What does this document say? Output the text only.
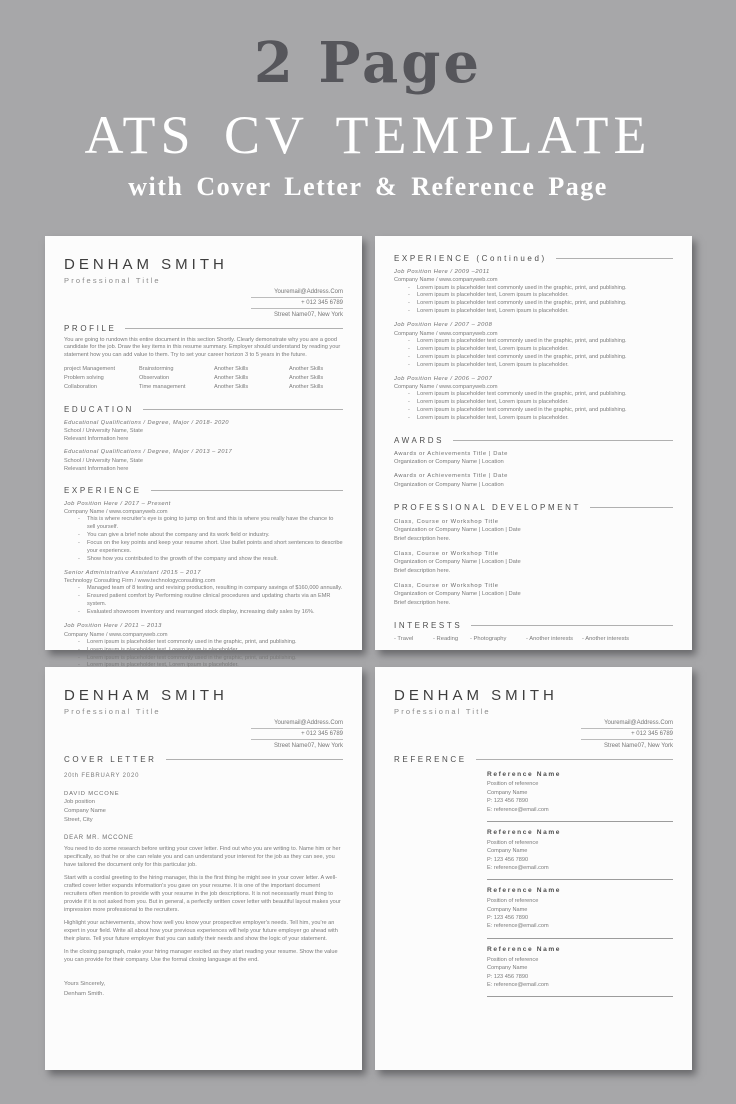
2 Page
ATS CV TEMPLATE
with Cover Letter & Reference Page
DENHAM SMITH
Professional Title
Youremail@Address.Com
+ 012 345 6789
Street Name07, New York
PROFILE

You are going to rundown this entire document in this section Shortly. Clearly demonstrate why you are a good candidate for the job. Draw the key items in this resume summary. Employer should understand by reading your statement how you can add value to them. Try to set your career horizon 3 to 5 years in the future.

project Management	Brainstorming	Another Skills	Another Skills
Problem solving	Observation	Another Skills	Another Skills
Collaboration	Time management	Another Skills	Another Skills
EDUCATION
Educational Qualifications / Degree, Major / 2018- 2020
School / University Name, State
Relevant Information here
Educational Qualifications / Degree, Major / 2013 – 2017
School / University Name, State
Relevant Information here
EXPERIENCE
Job Position Here / 2017 – Present
Company Name / www.companyweb.com
- This is where recruiter's eye is going to jump on first and this is where you really have the chance to sell yourself.
- You can give a brief note about the company and its work field or industry.
- Focus on the key points and keep your resume short. Use bullet points and short sentences to describe your experiences.
- Show how you contributed to the growth of the company and show the result.
Senior Administrative Assistant /2015 – 2017
Technology Consulting Firm / www.technologyconsulting.com
- Managed team of 8 testing and revising production, resulting in company savings of $160,000 annually.
- Ensured patient comfort by Performing routine clinical procedures and updating charts via an EMR system.
- Evaluated showroom inventory and rearranged stock display, increasing daily sales by 16%.
Job Position Here / 2011 – 2013
Company Name / www.companyweb.com
- Lorem ipsum is placeholder text commonly used in the graphic, print, and publishing.
- Lorem ipsum is placeholder text, Lorem ipsum is placeholder.
- Lorem ipsum is placeholder text commonly used in the graphic, print, and publishing.
- Lorem ipsum is placeholder text, Lorem ipsum is placeholder.
EXPERIENCE (Continued)
Job Position Here / 2009 –2011
Company Name / www.companyweb.com
- Lorem ipsum is placeholder text commonly used in the graphic, print, and publishing.
- Lorem ipsum is placeholder text, Lorem ipsum is placeholder.
- Lorem ipsum is placeholder text commonly used in the graphic, print, and publishing.
- Lorem ipsum is placeholder text, Lorem ipsum is placeholder.
Job Position Here / 2007 – 2008
Company Name / www.companyweb.com
- Lorem ipsum is placeholder text commonly used in the graphic, print, and publishing.
- Lorem ipsum is placeholder text, Lorem ipsum is placeholder.
- Lorem ipsum is placeholder text commonly used in the graphic, print, and publishing.
- Lorem ipsum is placeholder text, Lorem ipsum is placeholder.
Job Position Here / 2006 – 2007
Company Name / www.companyweb.com
- Lorem ipsum is placeholder text commonly used in the graphic, print, and publishing.
- Lorem ipsum is placeholder text, Lorem ipsum is placeholder.
- Lorem ipsum is placeholder text commonly used in the graphic, print, and publishing.
- Lorem ipsum is placeholder text, Lorem ipsum is placeholder.
AWARDS
Awards or Achievements Title | Date
Organization or Company Name | Location
Awards or Achievements Title | Date
Organization or Company Name | Location
PROFESSIONAL DEVELOPMENT
Class, Course or Workshop Title
Organization or Company Name | Location | Date
Brief description here.
Class, Course or Workshop Title
Organization or Company Name | Location | Date
Brief description here.
Class, Course or Workshop Title
Organization or Company Name | Location | Date
Brief description here.
INTERESTS
- Travel	- Reading	- Photography	- Another interests	- Another interests
DENHAM SMITH
Professional Title
Youremail@Address.Com
+ 012 345 6789
Street Name07, New York
COVER LETTER
20th FEBRUARY 2020
DAVID MCCONE
Job position
Company Name
Street, City
DEAR MR. MCCONE

You need to do some research before writing your cover letter. Find out who you are writing to. Name him or her specifically, so that he or she can relate you and can understand your interest for the job as they can see, you have tailored the document only for this particular job.

Start with a cordial greeting to the hiring manager, this is the first thing he might see in your cover letter. A well-crafted cover letter expands information's you gave on your resume. It is one of the important document recruiters often mention to provide with your resume in the job descriptions. It is not necessarily must thing to provide if it is not asked from you. But in general, a perfectly written cover letter with beautiful layout makes your impression more professional to the recruiters.

Highlight your achievements, show how well you know your prospective employer's needs. Tell him, you're an expert in your field. Write all about how your previous experiences will help your future employer go ahead with their plans. Tell your future employer that you can satisfy their needs and show the logic of your statement.

In the closing paragraph, make your hiring manager excited as they start reading your resume. Show the value you can provide for their company. Use the formal closing language at the end.

Yours Sincerely,
Denham Smith.
DENHAM SMITH
Professional Title
Youremail@Address.Com
+ 012 345 6789
Street Name07, New York
REFERENCE
Reference Name
Position of reference
Company Name
P: 123 456 7890
E: reference@email.com
Reference Name
Position of reference
Company Name
P: 123 456 7890
E: reference@email.com
Reference Name
Position of reference
Company Name
P: 123 456 7890
E: reference@email.com
Reference Name
Position of reference
Company Name
P: 123 456 7890
E: reference@email.com
